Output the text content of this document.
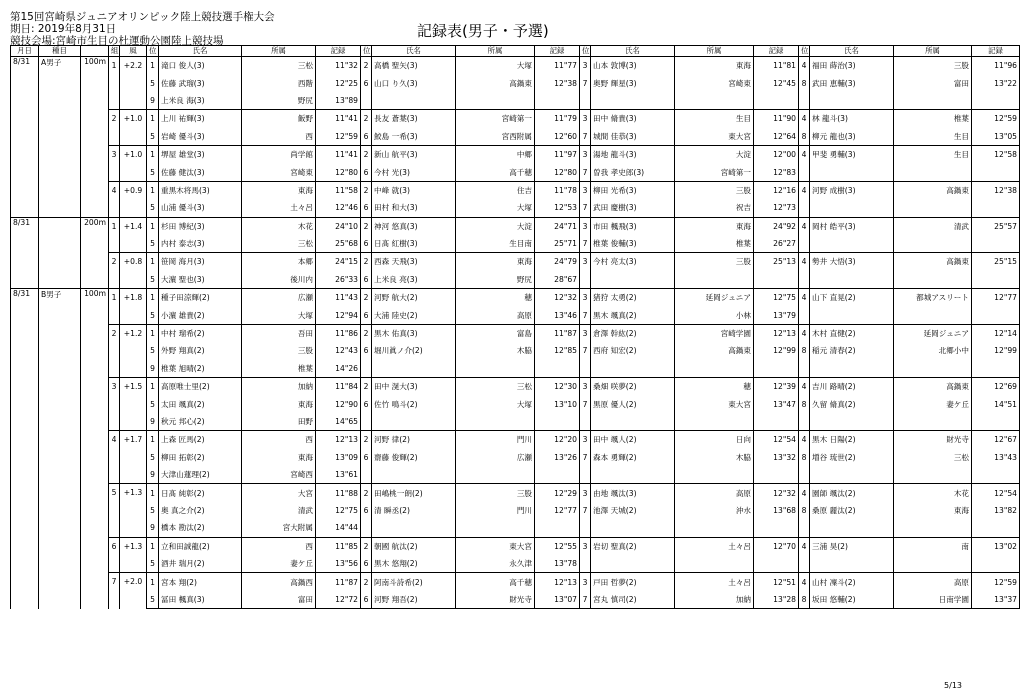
第15回宮崎県ジュニアオリンピック陸上競技選手権大会
期日: 2019年8月31日
競技会場:宮崎市生目の杜運動公園陸上競技場
記録表(男子・予選)
月日	種目		組	風	位	氏名	所属	記録	位	氏名	所属	記録	位	氏名	所属	記録	位	氏名	所属	記録
8/31	A男子	100m	1	+2.2	1	滝口 俊人(3)	三松	11"32	2	高橋 聖矢(3)	大塚	11"77	3	山本 敦博(3)	東海	11"81	4	福田 蒔治(3)	三股	11"96
					5	佐藤 武瑠(3)	西階	12"25	6	山口 り久(3)	高鍋東	12"38	7	奥野 輝星(3)	宮崎東	12"45	8	武田 恵輔(3)	富田	13"22
					9	上米良 海(3)	野尻	13"89												
			2	+1.0	1	上川 祐輝(3)	飯野	11"41	2	長友 蒼葉(3)	宮崎第一	11"79	3	田中 脩貴(3)	生目	11"90	4	林 龍斗(3)	椎葉	12"59
					5	岩崎 優斗(3)	西	12"59	6	鮫島 一希(3)	宮西附属	12"60	7	城間 佳恭(3)	東大宮	12"64	8	柳元 龍也(3)	生目	13"05
			3	+1.0	1	堺屋 雄堂(3)	尚学館	11"41	2	新山 航平(3)	中郷	11"97	3	湯地 龍斗(3)	大淀	12"00	4	甲斐 勇輔(3)	生目	12"58
					5	佐藤 健汰(3)	宮崎東	12"80	6	今村 光(3)	高千穂	12"80	7	曽我 孝史郎(3)	宮崎第一	12"83				
			4	+0.9	1	重黒木将馬(3)	東海	11"58	2	中峰 就(3)	住吉	11"78	3	柳田 光希(3)	三股	12"16	4	河野 成樹(3)	高鍋東	12"38
					5	山浦 優斗(3)	土々呂	12"46	6	田村 和大(3)	大塚	12"53	7	武田 慶樹(3)	祝吉	12"73				
8/31		200m	1	+1.4	1	杉田 博紀(3)	木花	24"10	2	神河 悠真(3)	大淀	24"71	3	市田 楓飛(3)	東海	24"92	4	岡村 皓平(3)	清武	25"57
					5	内村 泰志(3)	三松	25"68	6	日髙 紅樹(3)	生目南	25"71	7	椎葉 俊輔(3)	椎葉	26"27				
			2	+0.8	1	笹岡 海月(3)	本郷	24"15	2	西森 天飛(3)	東海	24"79	3	今村 亮太(3)	三股	25"13	4	勢井 大悟(3)	高鍋東	25"15
					5	大濵 聖也(3)	後川内	26"33	6	上米良 亮(3)	野尻	28"67								
8/31	B男子	100m	1	+1.8	1	種子田涼輝(2)	広瀬	11"43	2	河野 航大(2)	穂	12"32	3	猪狩 太勇(2)	延岡ジュニア	12"75	4	山下 直晃(2)	都城アスリート	12"77
					5	小濵 雄貴(2)	大塚	12"94	6	大浦 陸史(2)	高原	13"46	7	黒木 颯真(2)	小林	13"79				
			2	+1.2	1	中村 瑠希(2)	吾田	11"86	2	黒木 佑真(3)	富島	11"87	3	倉澤 幹紘(2)	宮崎学園	12"13	4	木村 直健(2)	延岡ジュニア	12"14
					5	外野 翔真(2)	三股	12"43	6	堀川眞ノ介(2)	木脇	12"85	7	西府 知宏(2)	高鍋東	12"99	8	稲元 清春(2)	北郷小中	12"99
					9	椎葉 旭晴(2)	椎葉	14"26												
			3	+1.5	1	高原唯士里(2)	加納	11"84	2	田中 滉大(3)	三松	12"30	3	桑畑 咲夢(2)	穂	12"39	4	吉川 路晴(2)	高鍋東	12"69
					5	太田 颯真(2)	東海	12"90	6	佐竹 鳴斗(2)	大塚	13"10	7	黒原 優人(2)	東大宮	13"47	8	久留 脩真(2)	妻ケ丘	14"51
					9	秋元 邦心(2)	田野	14"65												
			4	+1.7	1	上森 匠馬(2)	西	12"13	2	河野 律(2)	門川	12"20	3	田中 颯人(2)	日向	12"54	4	黒木 日陽(2)	財光寺	12"67
					5	柳田 拓彰(2)	東海	13"09	6	齋藤 俊輝(2)	広瀬	13"26	7	森本 勇輝(2)	木脇	13"32	8	増谷 琉世(2)	三松	13"43
					9	大津山蓮理(2)	宮崎西	13"61												
			5	+1.3	1	日髙 純彰(2)	大宮	11"88	2	田嶋桃一朗(2)	三股	12"29	3	由地 颯汰(3)	高原	12"32	4	園師 颯汰(2)	木花	12"54
					5	奥 真之介(2)	清武	12"75	6	清 瞬丞(2)	門川	12"77	7	池澤 天城(2)	沖水	13"68	8	桑原 麗汰(2)	東海	13"82
					9	橋本 勘汰(2)	宮大附属	14"44												
			6	+1.3	1	立和田誠龍(2)	西	11"85	2	朝國 航汰(2)	東大宮	12"55	3	岩切 聖真(2)	土々呂	12"70	4	三浦 昊(2)	南	13"02
					5	酒井 瑞月(2)	妻ケ丘	13"56	6	黒木 悠翔(2)	永久津	13"78								
			7	+2.0	1	宮本 翔(2)	高鍋西	11"87	2	阿南斗詩希(2)	高千穂	12"13	3	戸田 哲夢(2)	土々呂	12"51	4	山村 凜斗(2)	高原	12"59
					5	冨田 楓真(3)	富田	12"72	6	河野 翔吾(2)	財光寺	13"07	7	宮丸 慎司(2)	加納	13"28	8	坂田 悠輔(2)	日南学園	13"37
5/13
